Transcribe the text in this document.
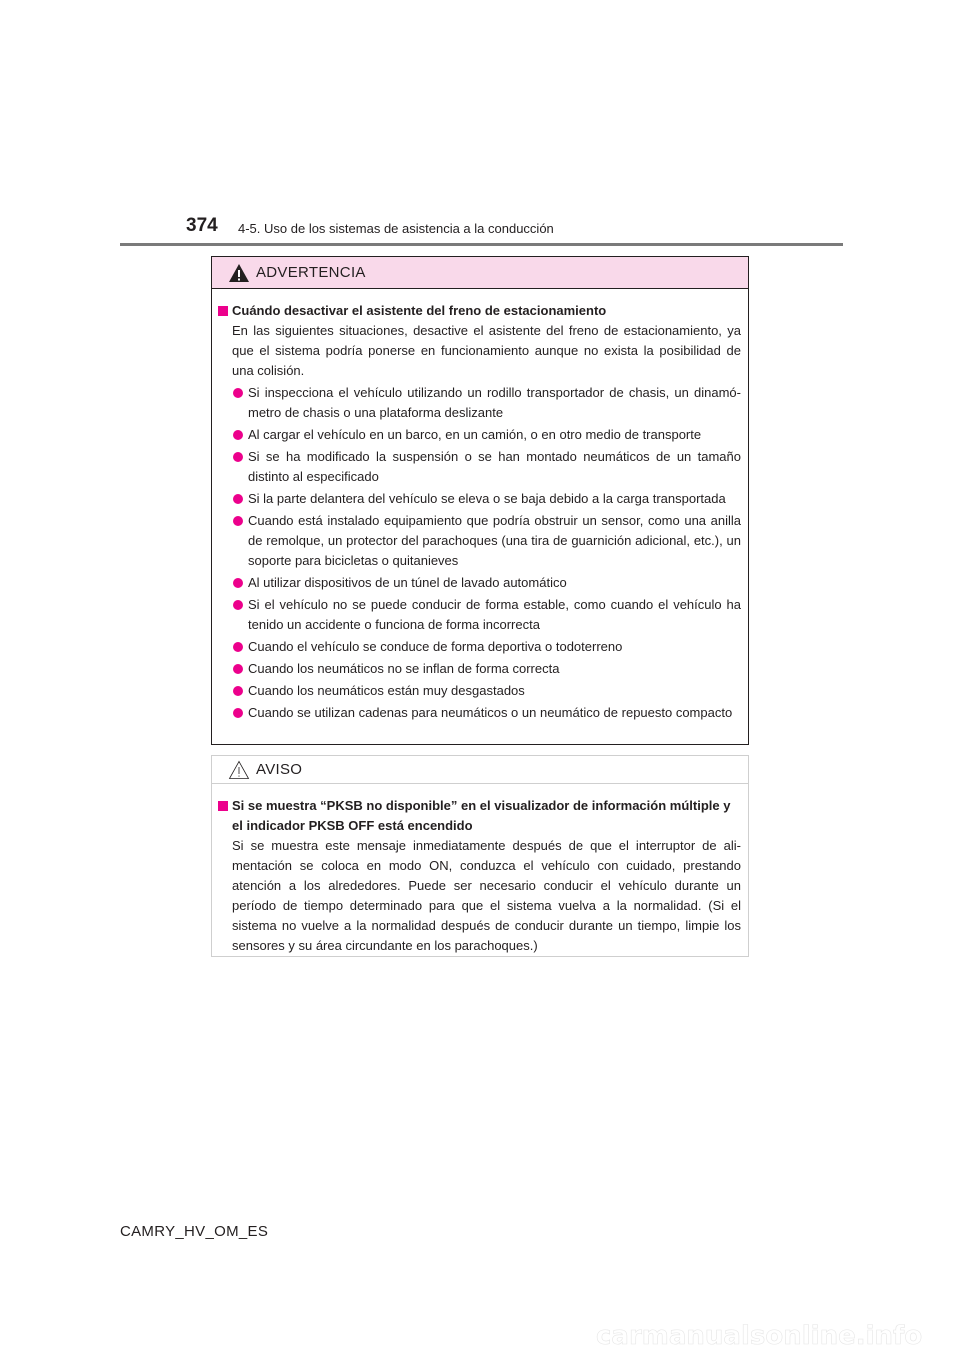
374 4-5. Uso de los sistemas de asistencia a la conducción
ADVERTENCIA
Cuándo desactivar el asistente del freno de estacionamiento
En las siguientes situaciones, desactive el asistente del freno de estacionamiento, ya que el sistema podría ponerse en funcionamiento aunque no exista la posibilidad de una colisión.
Si inspecciona el vehículo utilizando un rodillo transportador de chasis, un dinamómetro de chasis o una plataforma deslizante
Al cargar el vehículo en un barco, en un camión, o en otro medio de transporte
Si se ha modificado la suspensión o se han montado neumáticos de un tamaño distinto al especificado
Si la parte delantera del vehículo se eleva o se baja debido a la carga transportada
Cuando está instalado equipamiento que podría obstruir un sensor, como una anilla de remolque, un protector del parachoques (una tira de guarnición adicional, etc.), un soporte para bicicletas o quitanieves
Al utilizar dispositivos de un túnel de lavado automático
Si el vehículo no se puede conducir de forma estable, como cuando el vehículo ha tenido un accidente o funciona de forma incorrecta
Cuando el vehículo se conduce de forma deportiva o todoterreno
Cuando los neumáticos no se inflan de forma correcta
Cuando los neumáticos están muy desgastados
Cuando se utilizan cadenas para neumáticos o un neumático de repuesto compacto
AVISO
Si se muestra “PKSB no disponible” en el visualizador de información múltiple y el indicador PKSB OFF está encendido
Si se muestra este mensaje inmediatamente después de que el interruptor de alimentación se coloca en modo ON, conduzca el vehículo con cuidado, prestando atención a los alrededores. Puede ser necesario conducir el vehículo durante un período de tiempo determinado para que el sistema vuelva a la normalidad. (Si el sistema no vuelve a la normalidad después de conducir durante un tiempo, limpie los sensores y su área circundante en los parachoques.)
CAMRY_HV_OM_ES
carmanualsonline.info
